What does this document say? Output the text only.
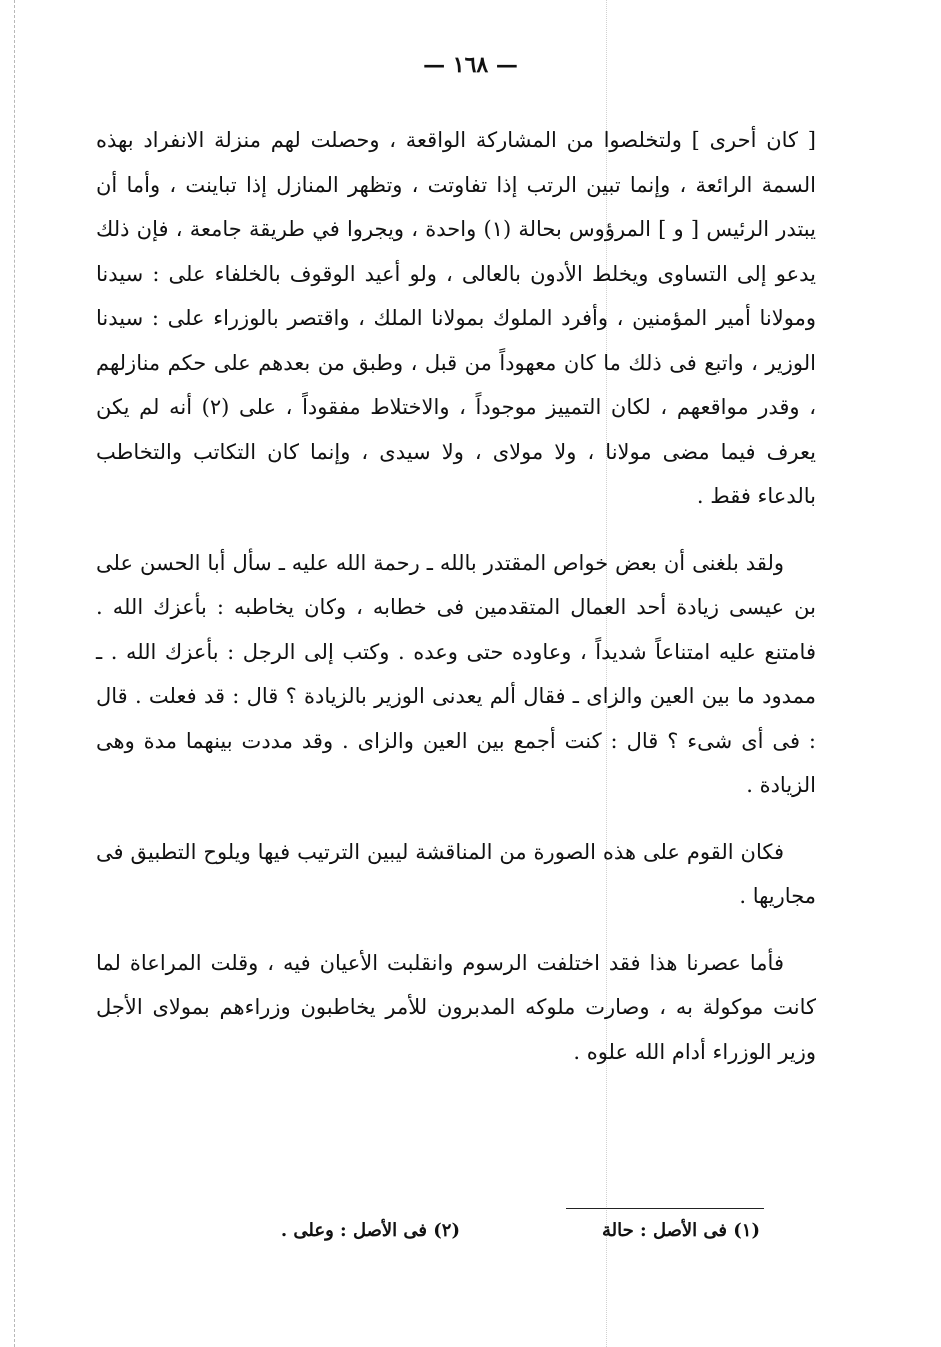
— ١٦٨ —

[ كان أحرى ] ولتخلصوا من المشاركة الواقعة ، وحصلت لهم منزلة الانفراد بهذه السمة الرائعة ، وإنما تبين الرتب إذا تفاوتت ، وتظهر المنازل إذا تباينت ، وأما أن يبتدر الرئيس [ و ] المرؤوس بحالة (١) واحدة ، ويجروا في طريقة جامعة ، فإن ذلك يدعو إلى التساوى ويخلط الأدون بالعالى ، ولو أعيد الوقوف بالخلفاء على : سيدنا ومولانا أمير المؤمنين ، وأفرد الملوك بمولانا الملك ، واقتصر بالوزراء على : سيدنا الوزير ، واتبع فى ذلك ما كان معهوداً من قبل ، وطبق من بعدهم على حكم منازلهم ، وقدر مواقعهم ، لكان التمييز موجوداً ، والاختلاط مفقوداً ، على (٢) أنه لم يكن يعرف فيما مضى مولانا ، ولا مولاى ، ولا سيدى ، وإنما كان التكاتب والتخاطب بالدعاء فقط .

ولقد بلغنى أن بعض خواص المقتدر بالله ـ رحمة الله عليه ـ سأل أبا الحسن على بن عيسى زيادة أحد العمال المتقدمين فى خطابه ، وكان يخاطبه : بأعزك الله . فامتنع عليه امتناعاً شديداً ، وعاوده حتى وعده . وكتب إلى الرجل : بأعزك الله . ـ ممدود ما بين العين والزاى ـ فقال ألم يعدنى الوزير بالزيادة ؟ قال : قد فعلت . قال : فى أى شىء ؟ قال : كنت أجمع بين العين والزاى . وقد مددت بينهما مدة وهى الزيادة .

فكان القوم على هذه الصورة من المناقشة ليبين الترتيب فيها ويلوح التطبيق فى مجاريها .

فأما عصرنا هذا فقد اختلفت الرسوم وانقلبت الأعيان فيه ، وقلت المراعاة لما كانت موكولة به ، وصارت ملوكه المدبرون للأمر يخاطبون وزراءهم بمولاى الأجل وزير الوزراء أدام الله علوه .

(١) فى الأصل : حالة
(٢) فى الأصل : وعلى .
